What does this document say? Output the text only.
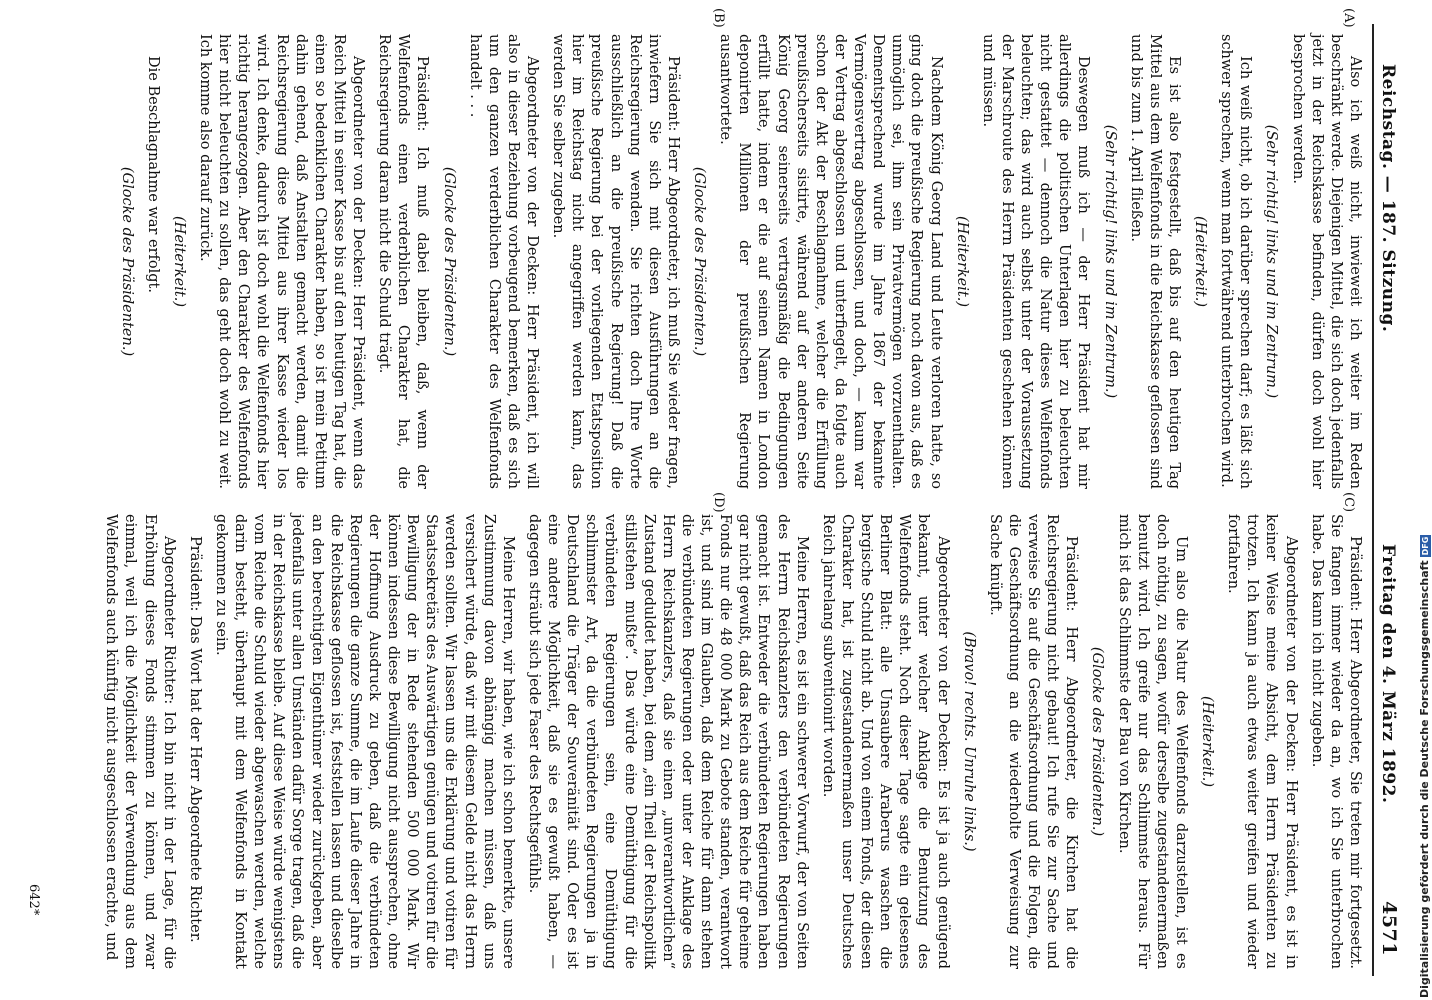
Reichstag. — 187. Sitzung.
Freitag den 4. März 1892.
4571
(A)
(B)
(C)
(D)

Also ich weiß nicht, inwieweit ich weiter im Reden beschränkt werde. Diejenigen Mittel, die sich doch jedenfalls jetzt in der Reichskasse befinden, dürfen doch wohl hier besprochen werden.

(Sehr richtig! links und im Zentrum.)

Ich weiß nicht, ob ich darüber sprechen darf; es läßt sich schwer sprechen, wenn man fortwährend unterbrochen wird.

(Heiterkeit.)

Es ist also festgestellt, daß bis auf den heutigen Tag Mittel aus dem Welfenfonds in die Reichskasse geflossen sind und bis zum 1. April fließen.

(Sehr richtig! links und im Zentrum.)

Deswegen muß ich — der Herr Präsident hat mir allerdings die politischen Unterlagen hier zu beleuchten nicht gestattet — dennoch die Natur dieses Welfenfonds beleuchten; das wird auch selbst unter der Voraussetzung der Marschroute des Herrn Präsidenten geschehen können und müssen.

(Heiterkeit.)

Nachdem König Georg Land und Leute verloren hatte, so ging doch die preußische Regierung noch davon aus, daß es unmöglich sei, ihm sein Privatvermögen vorzuenthalten. Dementsprechend wurde im Jahre 1867 der bekannte Vermögensvertrag abgeschlossen, und doch, — kaum war der Vertrag abgeschlossen und unterfiegelt, da folgte auch schon der Akt der Beschlagnahme, welcher die Erfüllung preußischerseits sistirte, während auf der anderen Seite König Georg seinerseits vertragsmäßig die Bedingungen erfüllt hatte, indem er die auf seinen Namen in London deponirten Millionen der preußischen Regierung ausantwortete.

(Glocke des Präsidenten.)

Präsident: Herr Abgeordneter, ich muß Sie wieder fragen, inwiefern Sie sich mit diesen Ausführungen an die Reichsregierung wenden. Sie richten doch Ihre Worte ausschließlich an die preußische Regierung! Daß die preußische Regierung bei der vorliegenden Etatsposition hier im Reichstag nicht angegriffen werden kann, das werden Sie selber zugeben.

Abgeordneter von der Decken: Herr Präsident, ich will also in dieser Beziehung vorbeugend bemerken, daß es sich um den ganzen verderblichen Charakter des Welfenfonds handelt . . .

(Glocke des Präsidenten.)

Präsident: Ich muß dabei bleiben, daß, wenn der Welfenfonds einen verderblichen Charakter hat, die Reichsregierung daran nicht die Schuld trägt.

Abgeordneter von der Decken: Herr Präsident, wenn das Reich Mittel in seiner Kasse bis auf den heutigen Tag hat, die einen so bedenklichen Charakter haben, so ist mein Petitum dahin gehend, daß Anstalten gemacht werden, damit die Reichsregierung diese Mittel aus ihrer Kasse wieder los wird. Ich denke, dadurch ist doch wohl die Welfenfonds hier richtig herangezogen. Aber den Charakter des Welfenfonds hier nicht beleuchten zu sollen, das geht doch wohl zu weit. Ich komme also darauf zurück.

(Heiterkeit.)

Die Beschlagnahme war erfolgt.

(Glocke des Präsidenten.)

Präsident: Herr Abgeordneter, Sie treten mir fortgesetzt. Sie fangen immer wieder da an, wo ich Sie unterbrochen habe. Das kann ich nicht zugeben.

Abgeordneter von der Decken: Herr Präsident, es ist in keiner Weise meine Absicht, dem Herrn Präsidenten zu trotzen. Ich kann ja auch etwas weiter greifen und wieder fortfahren.

(Heiterkeit.)

Um also die Natur des Welfenfonds darzustellen, ist es doch nöthig, zu sagen, wofür derselbe zugestandenermaßen benutzt wird. Ich greife nur das Schlimmste heraus. Für mich ist das Schlimmste der Bau von Kirchen.

(Glocke des Präsidenten.)

Präsident: Herr Abgeordneter, die Kirchen hat die Reichsregierung nicht gebaut! Ich rufe Sie zur Sache und verweise Sie auf die Geschäftsordnung und die Folgen, die die Geschäftsordnung an die wiederholte Verweisung zur Sache knüpft.

(Bravo! rechts. Unruhe links.)

Abgeordneter von der Decken: Es ist ja auch genügend bekannt, unter welcher Anklage die Benutzung des Welfenfonds steht. Noch dieser Tage sagte ein gelesenes Berliner Blatt: alle Unsaubere Araberus waschen die bergische Schuld nicht ab. Und von einem Fonds, der diesen Charakter hat, ist zugestandenermaßen unser Deutsches Reich jahrelang subventionirt worden.

Meine Herren, es ist ein schwerer Vorwurf, der von Seiten des Herrn Reichskanzlers den verbündeten Regierungen gemacht ist. Entweder die verbündeten Regierungen haben gar nicht gewußt, daß das Reich aus dem Reiche für geheime Fonds nur die 48 000 Mark zu Gebote standen, verantwort ist, und sind im Glauben, daß dem Reiche für dann stehen die verbündeten Regierungen oder unter der Anklage des Herrn Reichskanzlers, daß sie einen „unverantwortlichen“ Zustand geduldet haben, bei dem „ein Theil der Reichspolitik stillstehen mußte“. Das würde eine Demüthigung für die verbündeten Regierungen sein, eine Demüthigung schlimmster Art, da die verbündeten Regierungen ja in Deutschland die Träger der Souveränität sind. Oder es ist eine andere Möglichkeit, daß sie es gewußt haben, — dagegen sträubt sich jede Faser des Rechtsgefühls.

Meine Herren, wir haben, wie ich schon bemerkte, unsere Zustimmung davon abhängig machen müssen, daß uns versichert würde, daß wir mit diesem Gelde nicht das Herrn werden sollten. Wir lassen uns die Erklärung und votiren für Staatssekretärs des Auswärtigen genügen und votiren für die Bewilligung der in Rede stehenden 500 000 Mark. Wir können indessen diese Bewilligung nicht aussprechen, ohne der Hoffnung Ausdruck zu geben, daß die verbündeten Regierungen die ganze Summe, die im Laufe dieser Jahre in die Reichskasse geflossen ist, feststellen lassen und dieselbe an den berechtigten Eigenthümer wieder zurückgeben, aber jedenfalls unter allen Umständen dafür Sorge tragen, daß die in der Reichskasse bleibe. Auf diese Weise würde wenigstens vom Reiche die Schuld wieder abgewaschen werden, welche darin besteht, überhaupt mit dem Welfenfonds in Kontakt gekommen zu sein.

Präsident: Das Wort hat der Herr Abgeordnete Richter.

Abgeordneter Richter: Ich bin nicht in der Lage, für die Erhöhung dieses Fonds stimmen zu können, und zwar einmal, weil ich die Möglichkeit der Verwendung aus dem Welfenfonds auch künftig nicht ausgeschlossen erachte, und

642*	Digitalisierung gefördert durch die Deutsche ForschungsgemeinschaftDFG
